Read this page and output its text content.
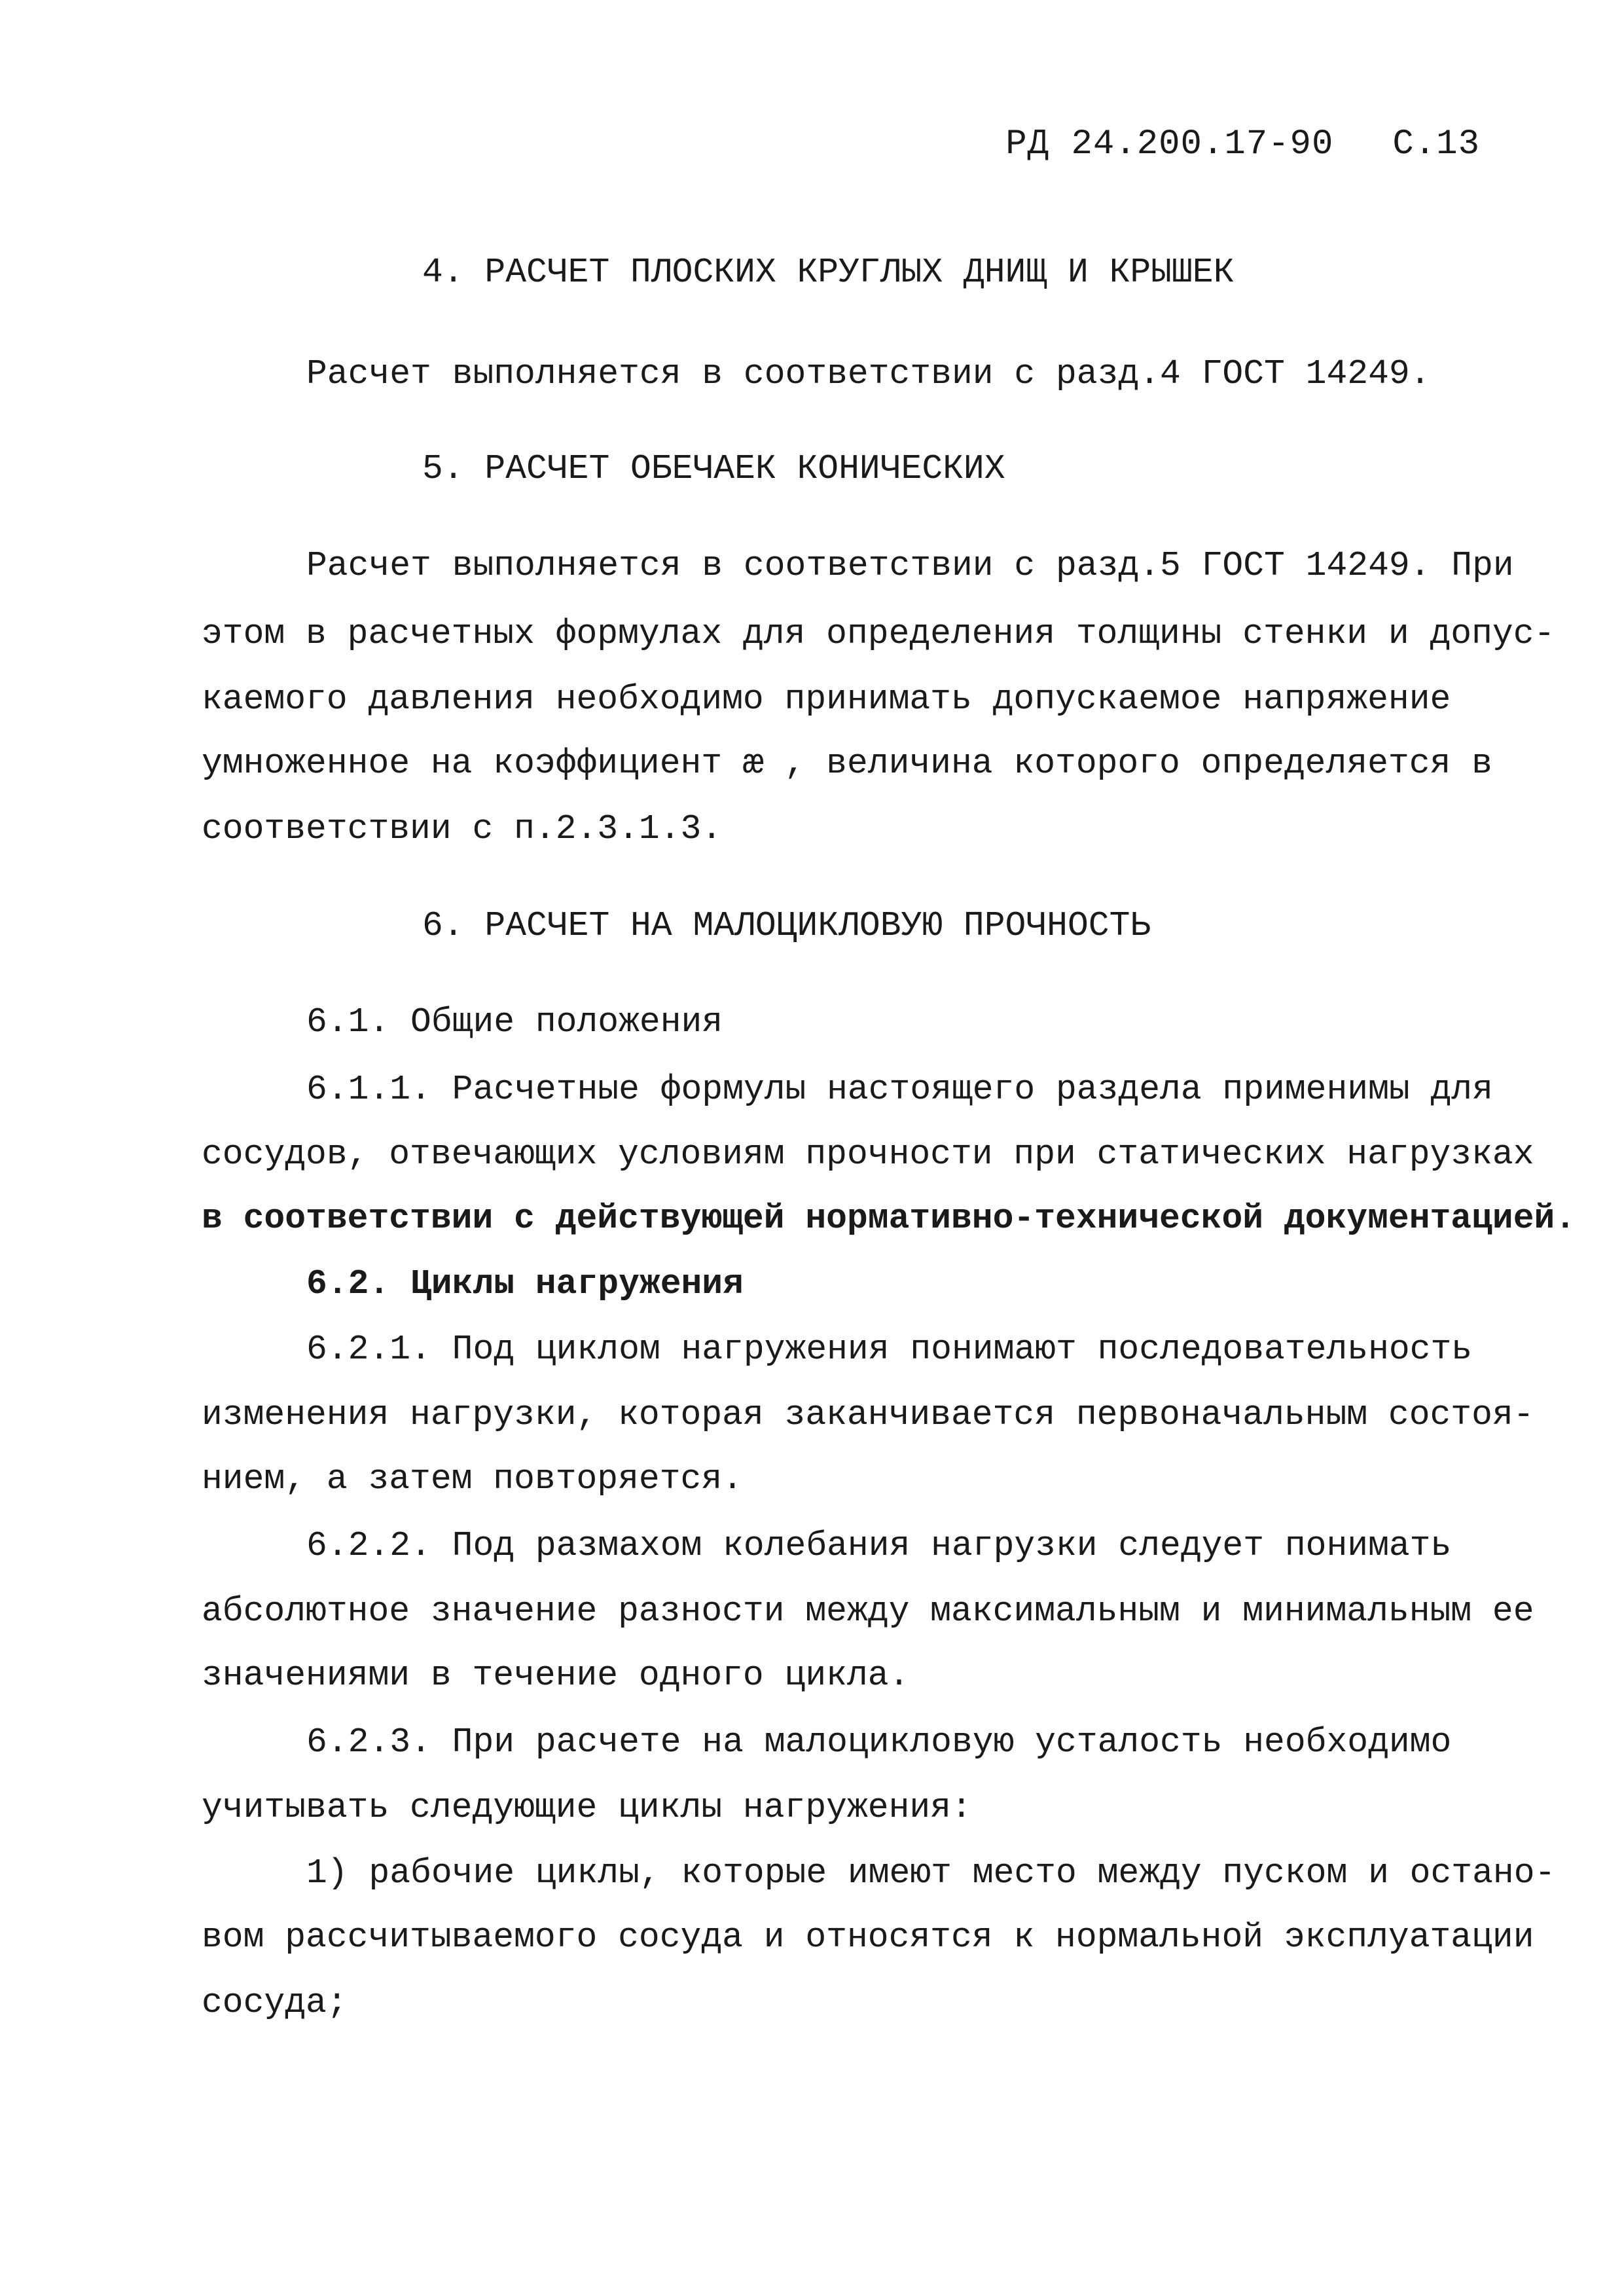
РД 24.200.17-90 С.13
4. РАСЧЕТ ПЛОСКИХ КРУГЛЫХ ДНИЩ И КРЫШЕК
Расчет выполняется в соответствии с разд.4 ГОСТ 14249.
5. РАСЧЕТ ОБЕЧАЕК КОНИЧЕСКИХ
Расчет выполняется в соответствии с разд.5 ГОСТ 14249. При
этом в расчетных формулах для определения толщины стенки и допус-
каемого давления необходимо принимать допускаемое напряжение
умноженное на коэффициент æ , величина которого определяется в
соответствии с п.2.3.1.3.
6. РАСЧЕТ НА МАЛОЦИКЛОВУЮ ПРОЧНОСТЬ
6.1. Общие положения
6.1.1. Расчетные формулы настоящего раздела применимы для
сосудов, отвечающих условиям прочности при статических нагрузках
в соответствии с действующей нормативно-технической документацией.
6.2. Циклы нагружения
6.2.1. Под циклом нагружения понимают последовательность
изменения нагрузки, которая заканчивается первоначальным состоя-
нием, а затем повторяется.
6.2.2. Под размахом колебания нагрузки следует понимать
абсолютное значение разности между максимальным и минимальным ее
значениями в течение одного цикла.
6.2.3. При расчете на малоцикловую усталость необходимо
учитывать следующие циклы нагружения:
1) рабочие циклы, которые имеют место между пуском и остано-
вом рассчитываемого сосуда и относятся к нормальной эксплуатации
сосуда;
